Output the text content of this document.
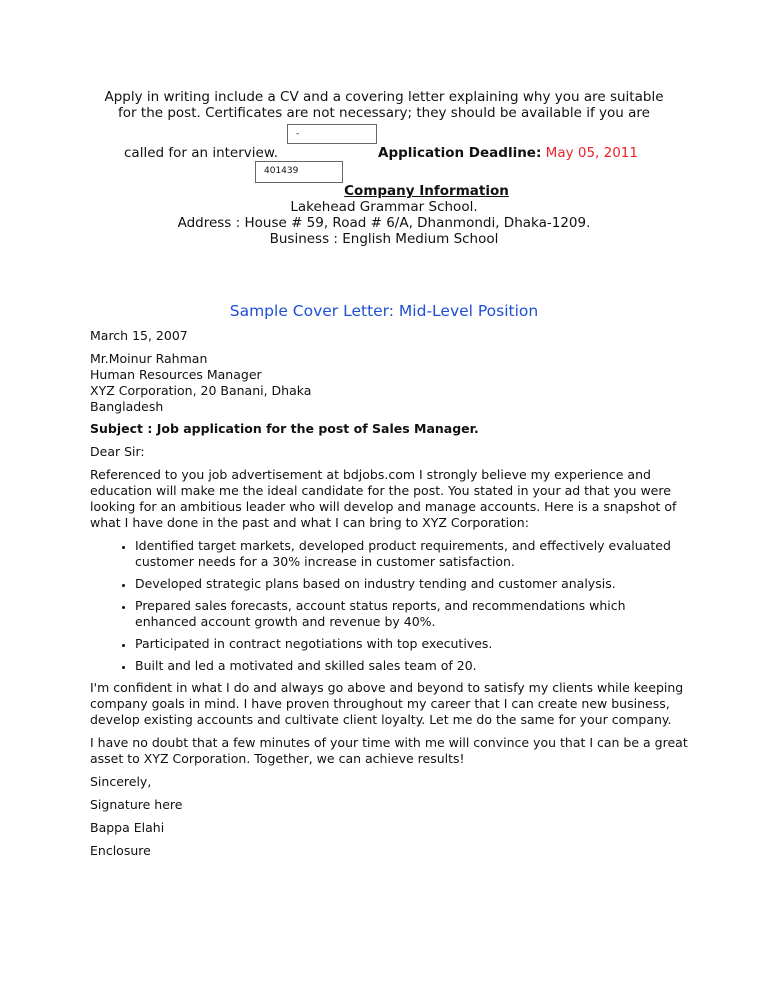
Apply in writing include a CV and a covering letter explaining why you are suitable
for the post. Certificates are not necessary; they should be available if you are
-
called for an interview.	Application Deadline: May 05, 2011
401439
Company Information
Lakehead Grammar School.
Address : House # 59, Road # 6/A, Dhanmondi, Dhaka-1209.
Business : English Medium School
Sample Cover Letter: Mid-Level Position

March 15, 2007

Mr.Moinur Rahman
Human Resources Manager
XYZ Corporation, 20 Banani, Dhaka
Bangladesh

Subject : Job application for the post of Sales Manager.

Dear Sir:

Referenced to you job advertisement at bdjobs.com I strongly believe my experience and education will make me the ideal candidate for the post. You stated in your ad that you were looking for an ambitious leader who will develop and manage accounts. Here is a snapshot of what I have done in the past and what I can bring to XYZ Corporation:

• Identified target markets, developed product requirements, and effectively evaluated customer needs for a 30% increase in customer satisfaction.
• Developed strategic plans based on industry tending and customer analysis.
• Prepared sales forecasts, account status reports, and recommendations which enhanced account growth and revenue by 40%.
• Participated in contract negotiations with top executives.
• Built and led a motivated and skilled sales team of 20.

I'm confident in what I do and always go above and beyond to satisfy my clients while keeping company goals in mind. I have proven throughout my career that I can create new business, develop existing accounts and cultivate client loyalty. Let me do the same for your company.

I have no doubt that a few minutes of your time with me will convince you that I can be a great asset to XYZ Corporation. Together, we can achieve results!

Sincerely,

Signature here

Bappa Elahi

Enclosure
